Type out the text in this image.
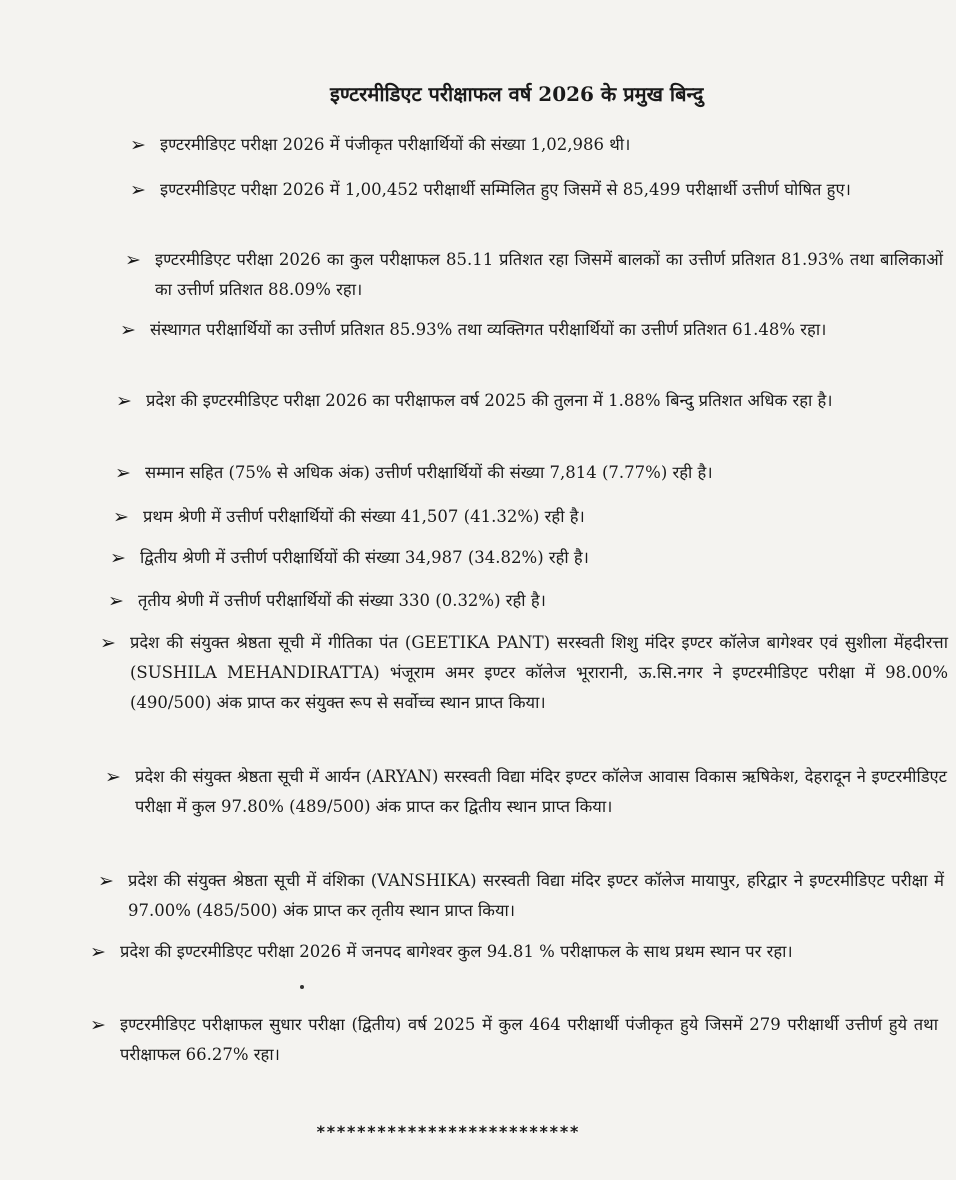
इण्टरमीडिएट परीक्षाफल वर्ष 2026 के प्रमुख बिन्दु
➢ इण्टरमीडिएट परीक्षा 2026 में पंजीकृत परीक्षार्थियों की संख्या 1,02,986 थी।
➢ इण्टरमीडिएट परीक्षा 2026 में 1,00,452 परीक्षार्थी सम्मिलित हुए जिसमें से 85,499 परीक्षार्थी उत्तीर्ण घोषित हुए।
➢ इण्टरमीडिएट परीक्षा 2026 का कुल परीक्षाफल 85.11 प्रतिशत रहा जिसमें बालकों का उत्तीर्ण प्रतिशत 81.93% तथा बालिकाओं का उत्तीर्ण प्रतिशत 88.09% रहा।
➢ संस्थागत परीक्षार्थियों का उत्तीर्ण प्रतिशत 85.93% तथा व्यक्तिगत परीक्षार्थियों का उत्तीर्ण प्रतिशत 61.48% रहा।
➢ प्रदेश की इण्टरमीडिएट परीक्षा 2026 का परीक्षाफल वर्ष 2025 की तुलना में 1.88% बिन्दु प्रतिशत अधिक रहा है।
➢ सम्मान सहित (75% से अधिक अंक) उत्तीर्ण परीक्षार्थियों की संख्या 7,814 (7.77%) रही है।
➢ प्रथम श्रेणी में उत्तीर्ण परीक्षार्थियों की संख्या 41,507 (41.32%) रही है।
➢ द्वितीय श्रेणी में उत्तीर्ण परीक्षार्थियों की संख्या 34,987 (34.82%) रही है।
➢ तृतीय श्रेणी में उत्तीर्ण परीक्षार्थियों की संख्या 330 (0.32%) रही है।
➢ प्रदेश की संयुक्त श्रेष्ठता सूची में गीतिका पंत (GEETIKA PANT) सरस्वती शिशु मंदिर इण्टर कॉलेज बागेश्वर एवं सुशीला मेंहदीरत्ता (SUSHILA MEHANDIRATTA) भंजूराम अमर इण्टर कॉलेज भूरारानी, ऊ.सि.नगर ने इण्टरमीडिएट परीक्षा में 98.00% (490/500) अंक प्राप्त कर संयुक्त रूप से सर्वोच्च स्थान प्राप्त किया।
➢ प्रदेश की संयुक्त श्रेष्ठता सूची में आर्यन (ARYAN) सरस्वती विद्या मंदिर इण्टर कॉलेज आवास विकास ऋषिकेश, देहरादून ने इण्टरमीडिएट परीक्षा में कुल 97.80% (489/500) अंक प्राप्त कर द्वितीय स्थान प्राप्त किया।
➢ प्रदेश की संयुक्त श्रेष्ठता सूची में वंशिका (VANSHIKA) सरस्वती विद्या मंदिर इण्टर कॉलेज मायापुर, हरिद्वार ने इण्टरमीडिएट परीक्षा में 97.00% (485/500) अंक प्राप्त कर तृतीय स्थान प्राप्त किया।
➢ प्रदेश की इण्टरमीडिएट परीक्षा 2026 में जनपद बागेश्वर कुल 94.81 % परीक्षाफल के साथ प्रथम स्थान पर रहा।
➢ इण्टरमीडिएट परीक्षाफल सुधार परीक्षा (द्वितीय) वर्ष 2025 में कुल 464 परीक्षार्थी पंजीकृत हुये जिसमें 279 परीक्षार्थी उत्तीर्ण हुये तथा परीक्षाफल 66.27% रहा।
**************************
